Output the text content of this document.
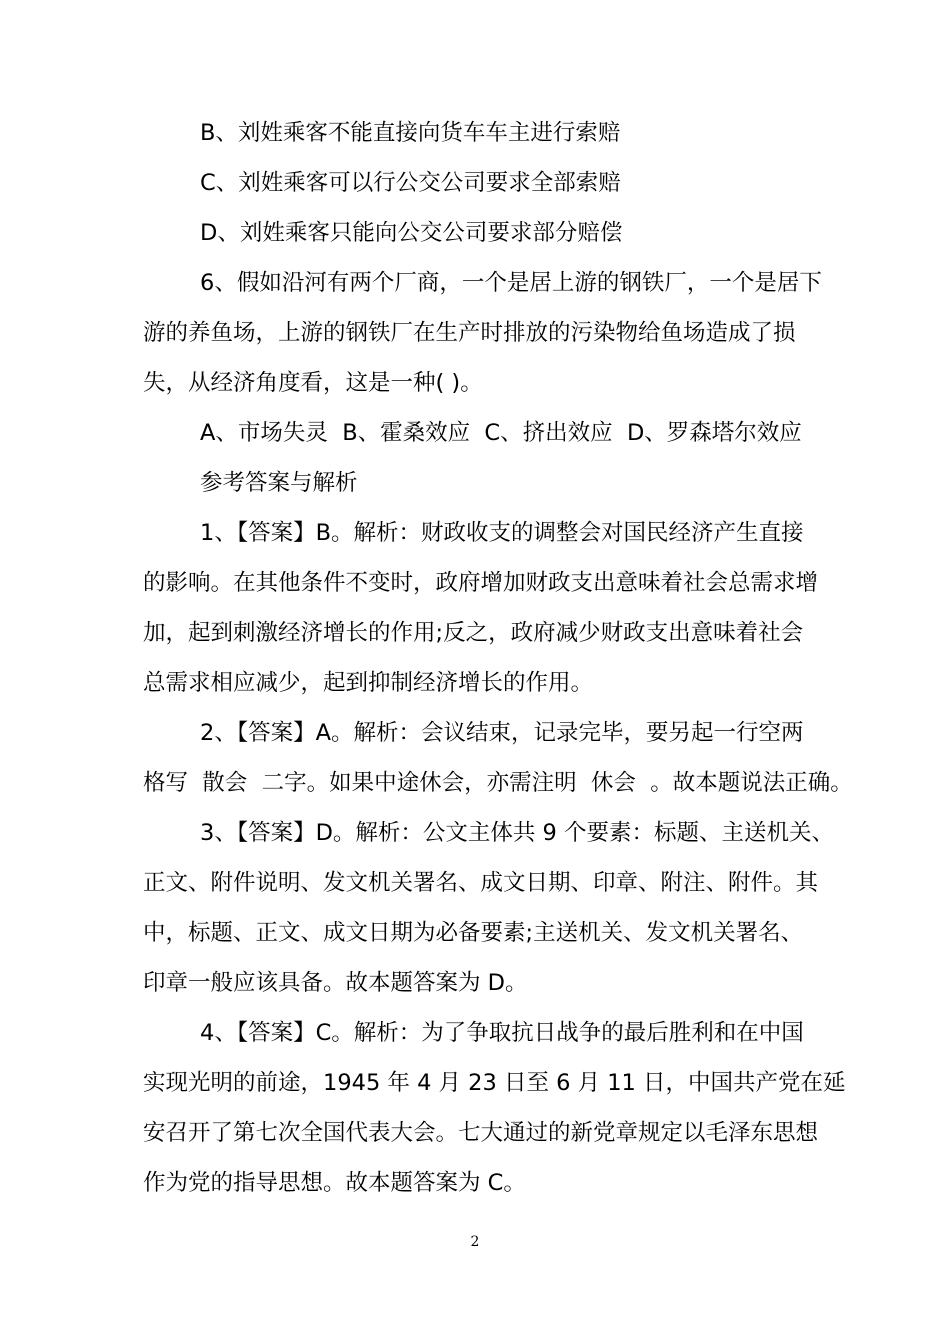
B、刘姓乘客不能直接向货车车主进行索赔
C、刘姓乘客可以行公交公司要求全部索赔
D、刘姓乘客只能向公交公司要求部分赔偿
6、假如沿河有两个厂商，一个是居上游的钢铁厂，一个是居下
游的养鱼场，上游的钢铁厂在生产时排放的污染物给鱼场造成了损
失，从经济角度看，这是一种( )。
A、市场失灵  B、霍桑效应  C、挤出效应  D、罗森塔尔效应
参考答案与解析
1、【答案】B。解析：财政收支的调整会对国民经济产生直接
的影响。在其他条件不变时，政府增加财政支出意味着社会总需求增
加，起到刺激经济增长的作用;反之，政府减少财政支出意味着社会
总需求相应减少，起到抑制经济增长的作用。
2、【答案】A。解析：会议结束，记录完毕，要另起一行空两
格写  散会  二字。如果中途休会，亦需注明  休会  。故本题说法正确。
3、【答案】D。解析：公文主体共 9 个要素：标题、主送机关、
正文、附件说明、发文机关署名、成文日期、印章、附注、附件。其
中，标题、正文、成文日期为必备要素;主送机关、发文机关署名、
印章一般应该具备。故本题答案为 D。
4、【答案】C。解析：为了争取抗日战争的最后胜利和在中国
实现光明的前途，1945 年 4 月 23 日至 6 月 11 日，中国共产党在延
安召开了第七次全国代表大会。七大通过的新党章规定以毛泽东思想
作为党的指导思想。故本题答案为 C。
2
